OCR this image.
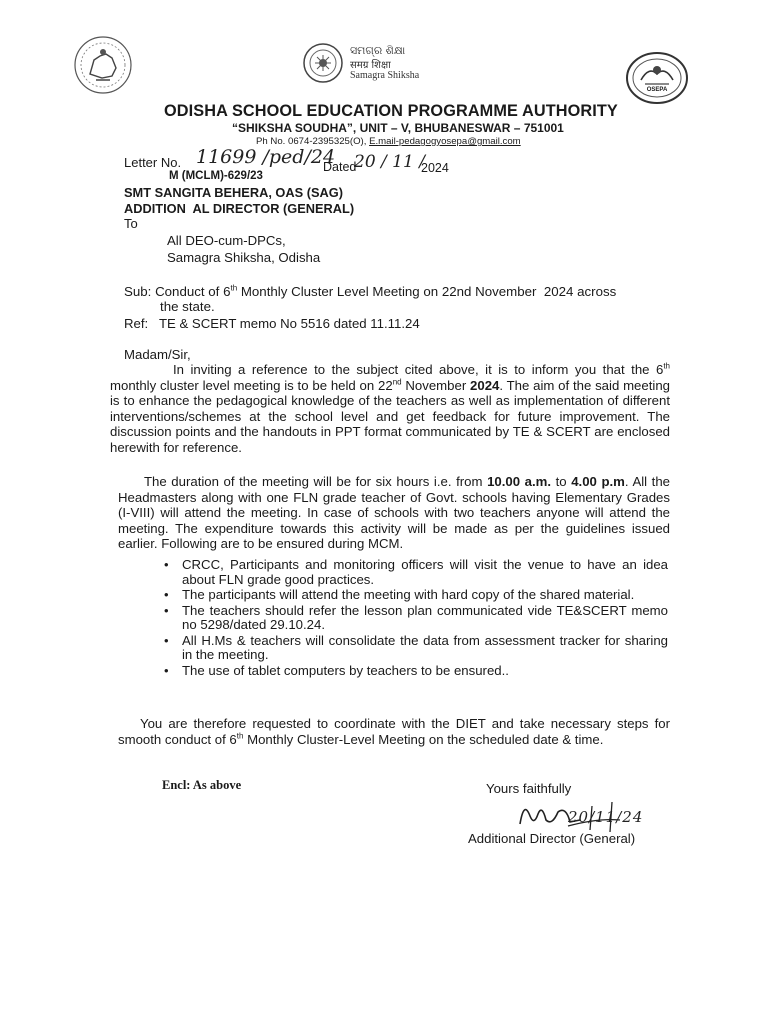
ସମଗ୍ର ଶିକ୍ଷା
समग्र शिक्षा
Samagra Shiksha
OSEPA
ODISHA SCHOOL EDUCATION PROGRAMME AUTHORITY
“SHIKSHA SOUDHA”, UNIT – V, BHUBANESWAR – 751001
Ph No. 0674-2395325(O), E.mail-pedagogyosepa@gmail.com
Letter No. 11699 /ped/24
Dated
20 / 11 /
2024
M (MCLM)-629/23
SMT SANGITA BEHERA, OAS (SAG)
ADDITION  AL DIRECTOR (GENERAL)
To
All DEO-cum-DPCs,
Samagra Shiksha, Odisha
Sub: Conduct of 6th Monthly Cluster Level Meeting on 22nd November  2024 across
the state.
Ref: TE & SCERT memo No 5516 dated 11.11.24
Madam/Sir,
In inviting a reference to the subject cited above, it is to inform you that the 6th monthly cluster level meeting is to be held on 22nd November 2024. The aim of the said meeting is to enhance the pedagogical knowledge of the teachers as well as implementation of different interventions/schemes at the school level and get feedback for future improvement. The discussion points and the handouts in PPT format communicated by TE & SCERT are enclosed herewith for reference.
The duration of the meeting will be for six hours i.e. from 10.00 a.m. to 4.00 p.m. All the Headmasters along with one FLN grade teacher of Govt. schools having Elementary Grades (I-VIII) will attend the meeting. In case of schools with two teachers anyone will attend the meeting. The expenditure towards this activity will be made as per the guidelines issued earlier. Following are to be ensured during MCM.
• CRCC, Participants and monitoring officers will visit the venue to have an idea about FLN grade good practices.
• The participants will attend the meeting with hard copy of the shared material.
• The teachers should refer the lesson plan communicated vide TE&SCERT memo no 5298/dated 29.10.24.
• All H.Ms & teachers will consolidate the data from assessment tracker for sharing in the meeting.
• The use of tablet computers by teachers to be ensured..
You are therefore requested to coordinate with the DIET and take necessary steps for smooth conduct of 6th Monthly Cluster-Level Meeting on the scheduled date & time.
Encl: As above	Yours faithfully
20/11/24
Additional Director (General)
